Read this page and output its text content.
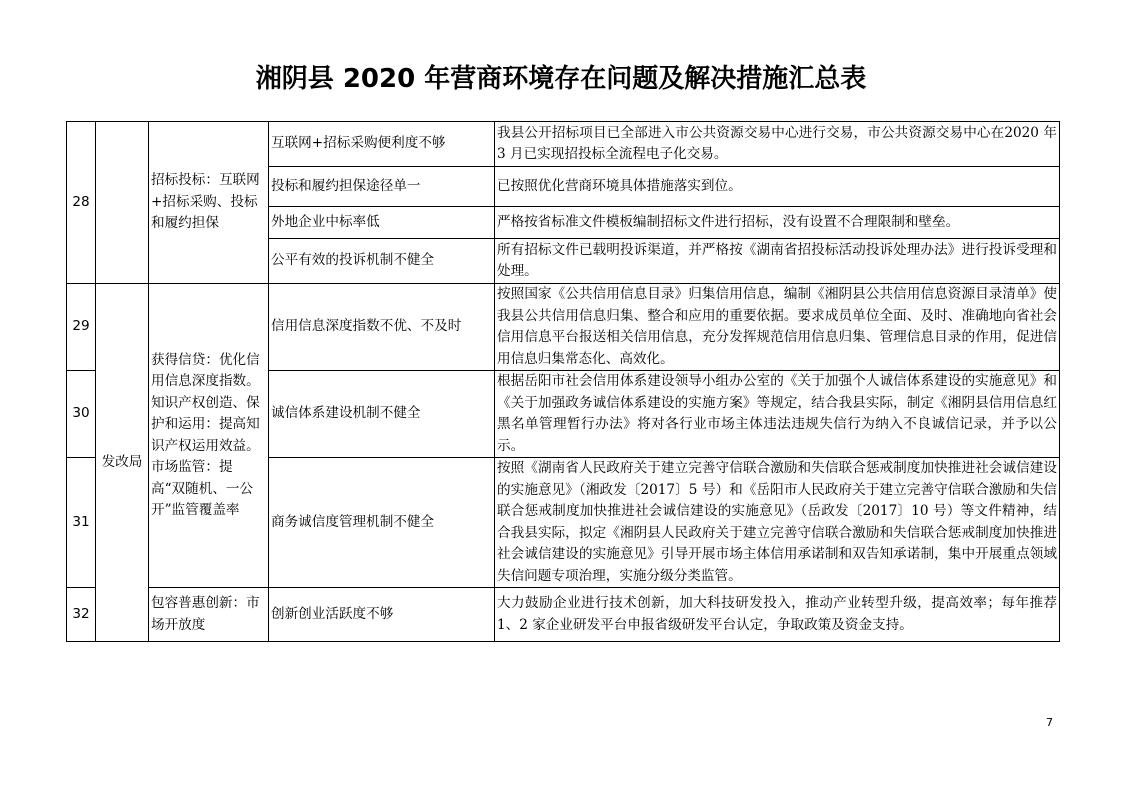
湘阴县 2020 年营商环境存在问题及解决措施汇总表
28		招标投标：互联网+招标采购、投标和履约担保	互联网+招标采购便利度不够	我县公开招标项目已全部进入市公共资源交易中心进行交易，市公共资源交易中心在2020 年 3 月已实现招投标全流程电子化交易。
			投标和履约担保途径单一	已按照优化营商环境具体措施落实到位。
			外地企业中标率低	严格按省标准文件模板编制招标文件进行招标，没有设置不合理限制和壁垒。
			公平有效的投诉机制不健全	所有招标文件已载明投诉渠道，并严格按《湖南省招投标活动投诉处理办法》进行投诉受理和处理。
29	发改局	获得信贷：优化信用信息深度指数。知识产权创造、保护和运用：提高知识产权运用效益。市场监管：提高“双随机、一公开”监管覆盖率	信用信息深度指数不优、不及时	按照国家《公共信用信息目录》归集信用信息，编制《湘阴县公共信用信息资源目录清单》使我县公共信用信息归集、整合和应用的重要依据。要求成员单位全面、及时、准确地向省社会信用信息平台报送相关信用信息，充分发挥规范信用信息归集、管理信息目录的作用，促进信用信息归集常态化、高效化。
30			诚信体系建设机制不健全	根据岳阳市社会信用体系建设领导小组办公室的《关于加强个人诚信体系建设的实施意见》和《关于加强政务诚信体系建设的实施方案》等规定，结合我县实际，制定《湘阴县信用信息红黑名单管理暂行办法》将对各行业市场主体违法违规失信行为纳入不良诚信记录，并予以公示。
31			商务诚信度管理机制不健全	按照《湖南省人民政府关于建立完善守信联合激励和失信联合惩戒制度加快推进社会诚信建设的实施意见》（湘政发〔2017〕5 号）和《岳阳市人民政府关于建立完善守信联合激励和失信联合惩戒制度加快推进社会诚信建设的实施意见》（岳政发〔2017〕10 号）等文件精神，结合我县实际，拟定《湘阴县人民政府关于建立完善守信联合激励和失信联合惩戒制度加快推进社会诚信建设的实施意见》引导开展市场主体信用承诺制和双告知承诺制，集中开展重点领域失信问题专项治理，实施分级分类监管。
32		包容普惠创新：市场开放度	创新创业活跃度不够	大力鼓励企业进行技术创新，加大科技研发投入，推动产业转型升级，提高效率；每年推荐 1、2 家企业研发平台申报省级研发平台认定，争取政策及资金支持。
7
